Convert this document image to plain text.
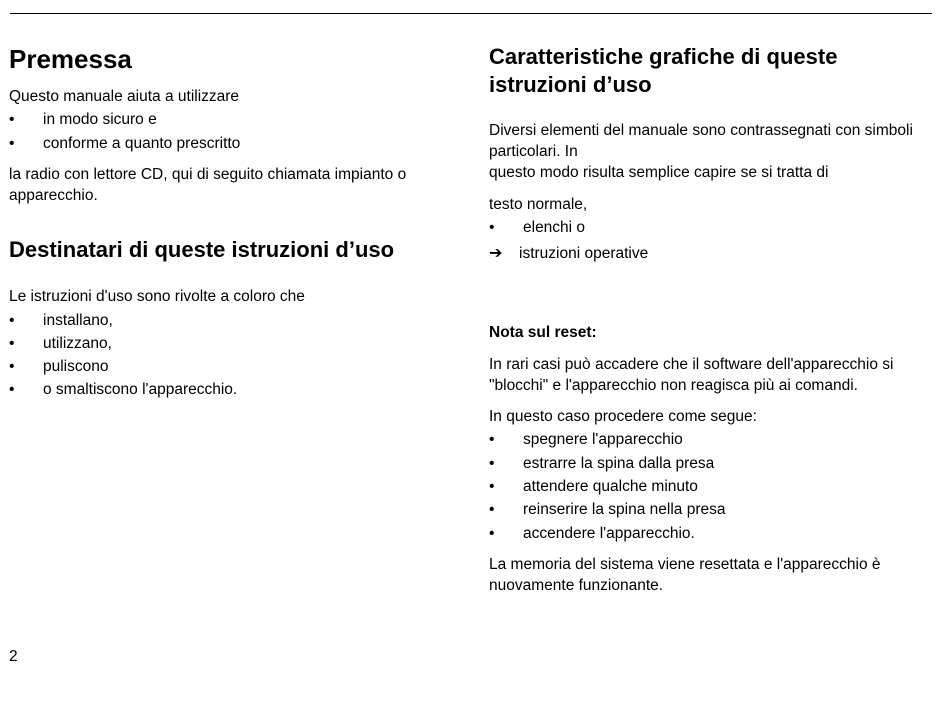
Premessa

Questo manuale aiuta a utilizzare

• in modo sicuro e
• conforme a quanto prescritto

la radio con lettore CD, qui di seguito chiamata impianto o apparecchio.

Destinatari di queste istruzioni d’uso

Le istruzioni d'uso sono rivolte a coloro che

• installano,
• utilizzano,
• puliscono
• o smaltiscono l'apparecchio.
Caratteristiche grafiche di queste
istruzioni d’uso

Diversi elementi del manuale sono contrassegnati con simboli particolari. In

questo modo risulta semplice capire se si tratta di

testo normale,

• elenchi o
➔ istruzioni operative

Nota sul reset:

In rari casi può accadere che il software dell'apparecchio si "blocchi" e l'apparecchio non reagisca più ai comandi.

In questo caso procedere come segue:

• spegnere l'apparecchio
• estrarre la spina dalla presa
• attendere qualche minuto
• reinserire la spina nella presa
• accendere l'apparecchio.

La memoria del sistema viene resettata e l'apparecchio è nuovamente funzionante.

2
